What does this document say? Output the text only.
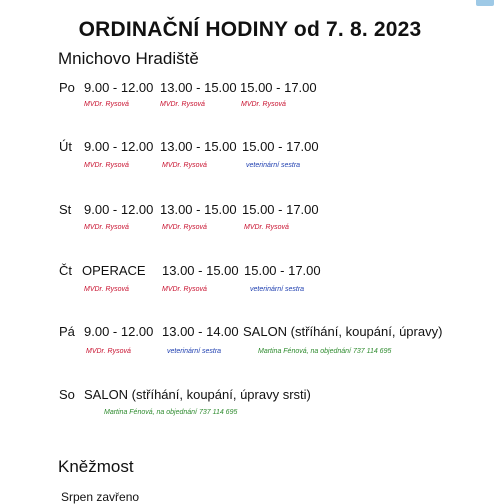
ORDINAČNÍ HODINY od 7. 8. 2023
Mnichovo Hradiště
Po 9.00 - 12.00 13.00 - 15.00 15.00 - 17.00
MVDr. Rysová	MVDr. Rysová	MVDr. Rysová
Út 9.00 - 12.00 13.00 - 15.00 15.00 - 17.00
MVDr. Rysová	MVDr. Rysová	veterinární sestra
St 9.00 - 12.00 13.00 - 15.00 15.00 - 17.00
MVDr. Rysová	MVDr. Rysová	MVDr. Rysová
Čt OPERACE 13.00 - 15.00 15.00 - 17.00
MVDr. Rysová	MVDr. Rysová	veterinární sestra
Pá 9.00 - 12.00 13.00 - 14.00 SALON (stříhání, koupání, úpravy)
MVDr. Rysová	veterinární sestra	Martina Fénová, na objednání 737 114 695
So SALON (stříhání, koupání, úpravy srsti)
Martina Fénová, na objednání 737 114 695
Kněžmost
Srpen zavřeno
